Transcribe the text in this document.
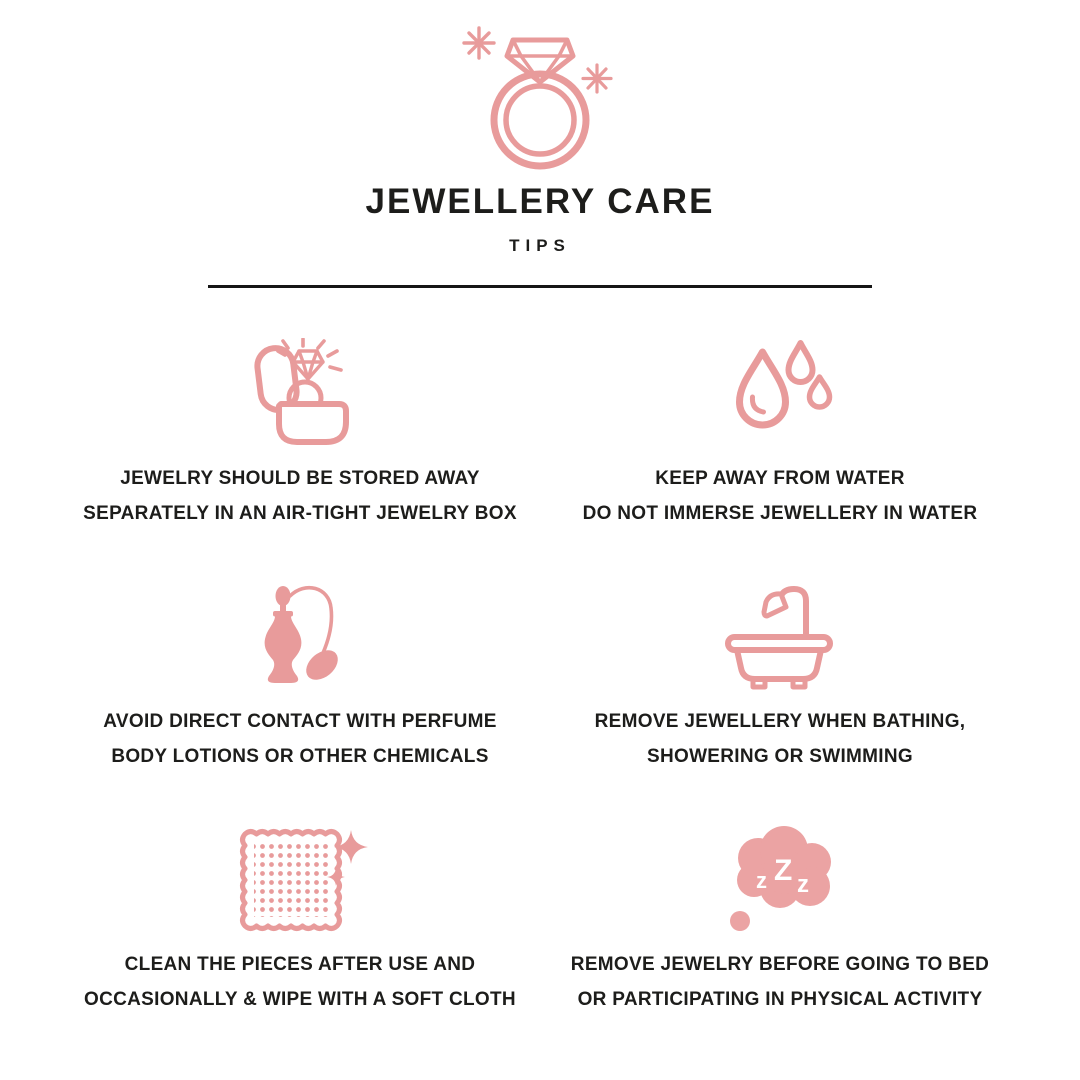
JEWELLERY CARE
TIPS

JEWELRY SHOULD BE STORED AWAY
SEPARATELY IN AN AIR-TIGHT JEWELRY BOX

KEEP AWAY FROM WATER
DO NOT IMMERSE JEWELLERY IN WATER

AVOID DIRECT CONTACT WITH PERFUME
BODY LOTIONS OR OTHER CHEMICALS

REMOVE JEWELLERY WHEN BATHING,
SHOWERING OR SWIMMING

CLEAN THE PIECES AFTER USE AND
OCCASIONALLY & WIPE WITH A SOFT CLOTH

z Z z

REMOVE JEWELRY BEFORE GOING TO BED
OR PARTICIPATING IN PHYSICAL ACTIVITY
